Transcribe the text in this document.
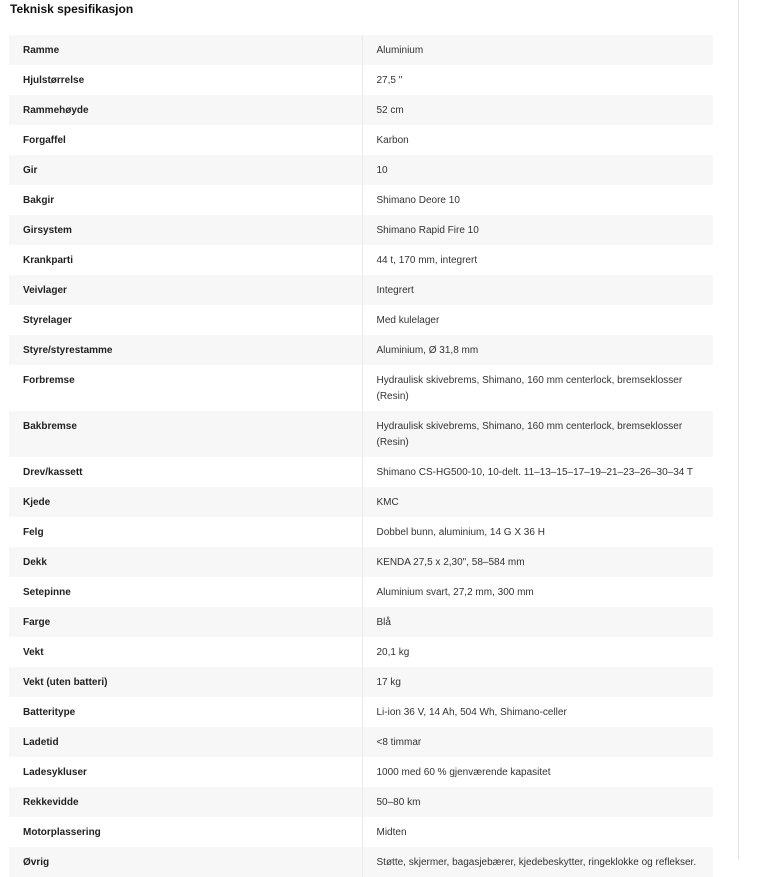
Teknisk spesifikasjon
Ramme	Aluminium
Hjulstørrelse	27,5 "
Rammehøyde	52 cm
Forgaffel	Karbon
Gir	10
Bakgir	Shimano Deore 10
Girsystem	Shimano Rapid Fire 10
Krankparti	44 t, 170 mm, integrert
Veivlager	Integrert
Styrelager	Med kulelager
Styre/styrestamme	Aluminium, Ø 31,8 mm
Forbremse	Hydraulisk skivebrems, Shimano, 160 mm centerlock, bremseklosser (Resin)
Bakbremse	Hydraulisk skivebrems, Shimano, 160 mm centerlock, bremseklosser (Resin)
Drev/kassett	Shimano CS-HG500-10, 10-delt. 11–13–15–17–19–21–23–26–30–34 T
Kjede	KMC
Felg	Dobbel bunn, aluminium, 14 G X 36 H
Dekk	KENDA 27,5 x 2,30", 58–584 mm
Setepinne	Aluminium svart, 27,2 mm, 300 mm
Farge	Blå
Vekt	20,1 kg
Vekt (uten batteri)	17 kg
Batteritype	Li-ion 36 V, 14 Ah, 504 Wh, Shimano-celler
Ladetid	<8 timmar
Ladesykluser	1000 med 60 % gjenværende kapasitet
Rekkevidde	50–80 km
Motorplassering	Midten
Øvrig	Støtte, skjermer, bagasjebærer, kjedebeskytter, ringeklokke og reflekser.
